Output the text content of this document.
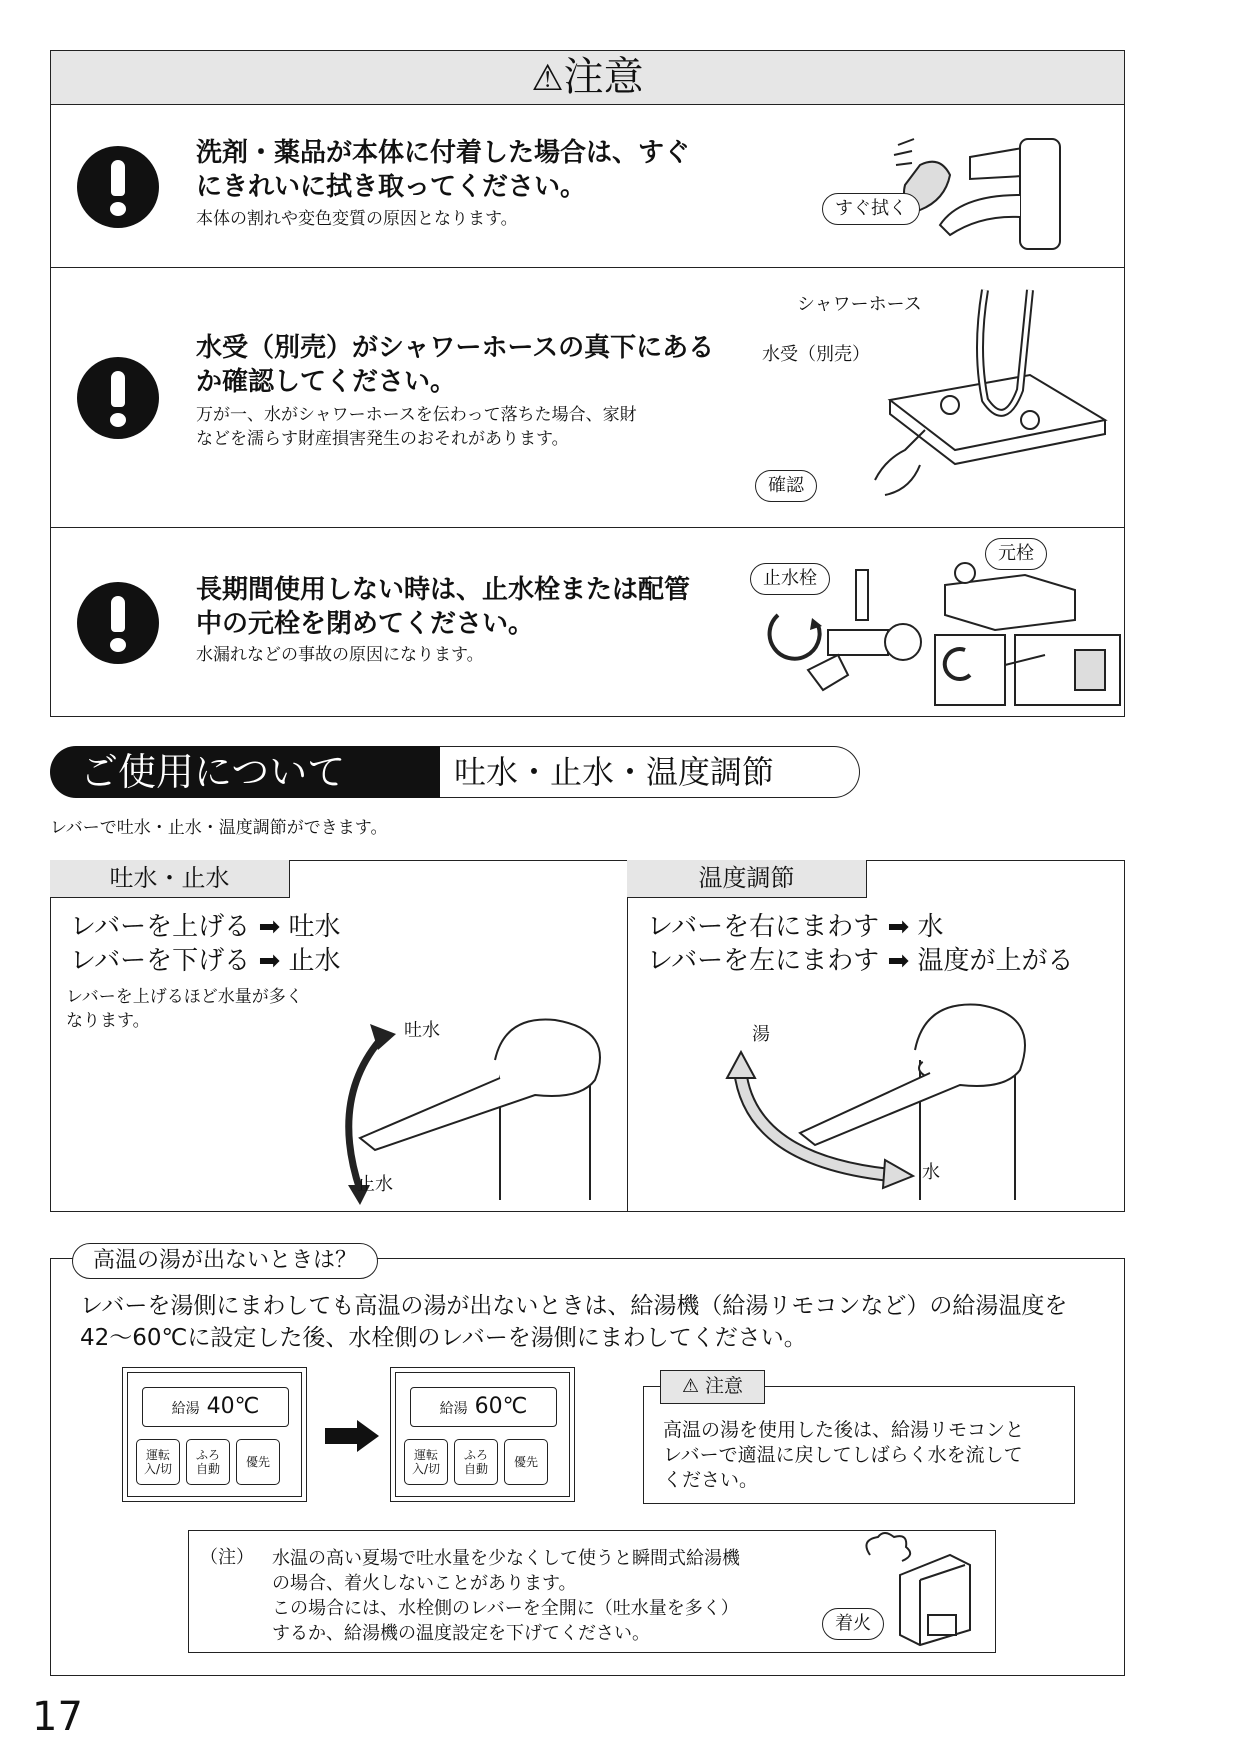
⚠注意
洗剤・薬品が本体に付着した場合は、すぐ
にきれいに拭き取ってください。
本体の割れや変色変質の原因となります。	すぐ拭く
水受（別売）がシャワーホースの真下にある
か確認してください。
万が一、水がシャワーホースを伝わって落ちた場合、家財
などを濡らす財産損害発生のおそれがあります。
シャワーホース
水受（別売）
確認
長期間使用しない時は、止水栓または配管
中の元栓を閉めてください。
水漏れなどの事故の原因になります。
止水栓
元栓
ご使用について	吐水・止水・温度調節
レバーで吐水・止水・温度調節ができます。
吐水・止水
レバーを上げる ➡ 吐水
レバーを下げる ➡ 止水
レバーを上げるほど水量が多く
なります。	吐水
止水
温度調節
レバーを右にまわす ➡ 水
レバーを左にまわす ➡ 温度が上がる
湯
水
高温の湯が出ないときは？
レバーを湯側にまわしても高温の湯が出ないときは、給湯機（給湯リモコンなど）の給湯温度を
42〜60℃に設定した後、水栓側のレバーを湯側にまわしてください。
給湯 40℃
運転
入/切
ふろ
自動	優先
給湯 60℃
運転
入/切
ふろ
自動	優先
⚠ 注意
高温の湯を使用した後は、給湯リモコンと
レバーで適温に戻してしばらく水を流して
ください。
（注） 水温の高い夏場で吐水量を少なくして使うと瞬間式給湯機
の場合、着火しないことがあります。
この場合には、水栓側のレバーを全開に（吐水量を多く）
するか、給湯機の温度設定を下げてください。	着火
17
